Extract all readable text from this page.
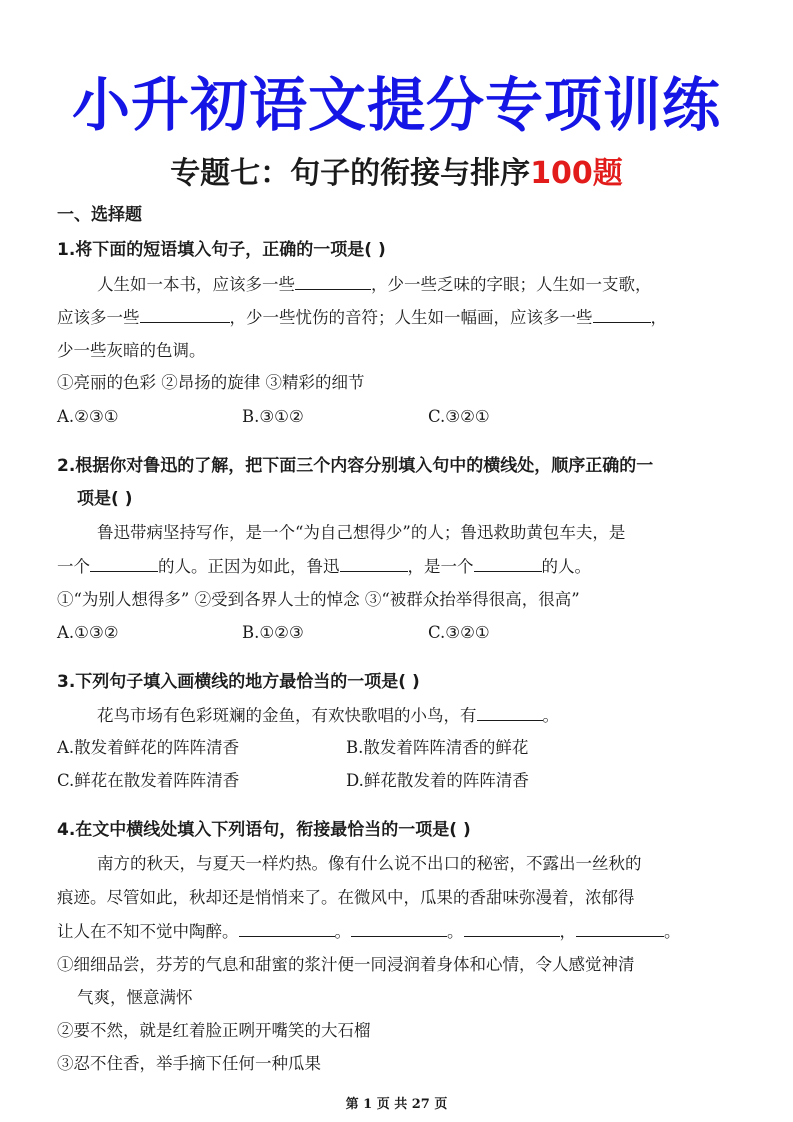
小升初语文提分专项训练
专题七：句子的衔接与排序100题
一、选择题
1.将下面的短语填入句子，正确的一项是( )
人生如一本书，应该多一些	，少一些乏味的字眼；人生如一支歌，
应该多一些	，少一些忧伤的音符；人生如一幅画，应该多一些	，
少一些灰暗的色调。
①亮丽的色彩 ②昂扬的旋律 ③精彩的细节
A.②③①	B.③①②	C.③②①
2.根据你对鲁迅的了解，把下面三个内容分别填入句中的横线处，顺序正确的一
项是( )
鲁迅带病坚持写作，是一个“为自己想得少”的人；鲁迅救助黄包车夫，是
一个	的人。正因为如此，鲁迅	，是一个	的人。
①“为别人想得多” ②受到各界人士的悼念 ③“被群众抬举得很高，很高”
A.①③②	B.①②③	C.③②①
3.下列句子填入画横线的地方最恰当的一项是( )
花鸟市场有色彩斑斓的金鱼，有欢快歌唱的小鸟，有	。
A.散发着鲜花的阵阵清香	B.散发着阵阵清香的鲜花
C.鲜花在散发着阵阵清香	D.鲜花散发着的阵阵清香
4.在文中横线处填入下列语句，衔接最恰当的一项是( )
南方的秋天，与夏天一样灼热。像有什么说不出口的秘密，不露出一丝秋的
痕迹。尽管如此，秋却还是悄悄来了。在微风中，瓜果的香甜味弥漫着，浓郁得
让人在不知不觉中陶醉。	。	。	，	。
①细细品尝，芬芳的气息和甜蜜的浆汁便一同浸润着身体和心情，令人感觉神清
气爽，惬意满怀
②要不然，就是红着脸正咧开嘴笑的大石榴
③忍不住香，举手摘下任何一种瓜果
第 1 页 共 27 页
